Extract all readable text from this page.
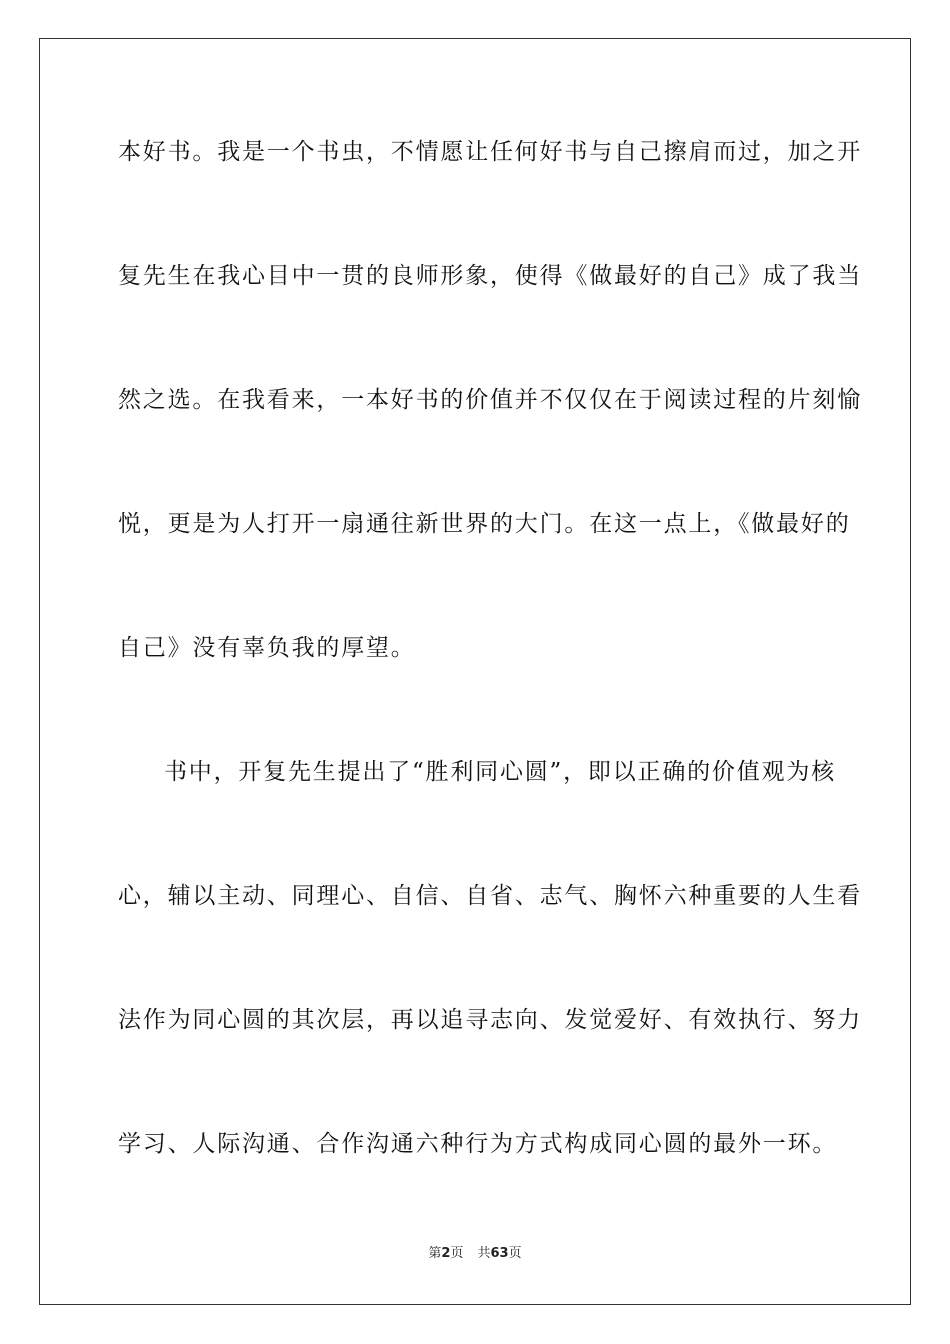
本好书。我是一个书虫，不情愿让任何好书与自己擦肩而过，加之开
复先生在我心目中一贯的良师形象，使得《做最好的自己》成了我当
然之选。在我看来，一本好书的价值并不仅仅在于阅读过程的片刻愉
悦，更是为人打开一扇通往新世界的大门。在这一点上，《做最好的
自己》没有辜负我的厚望。
书中，开复先生提出了“胜利同心圆”，即以正确的价值观为核
心，辅以主动、同理心、自信、自省、志气、胸怀六种重要的人生看
法作为同心圆的其次层，再以追寻志向、发觉爱好、有效执行、努力
学习、人际沟通、合作沟通六种行为方式构成同心圆的最外一环。
第2页 共63页
